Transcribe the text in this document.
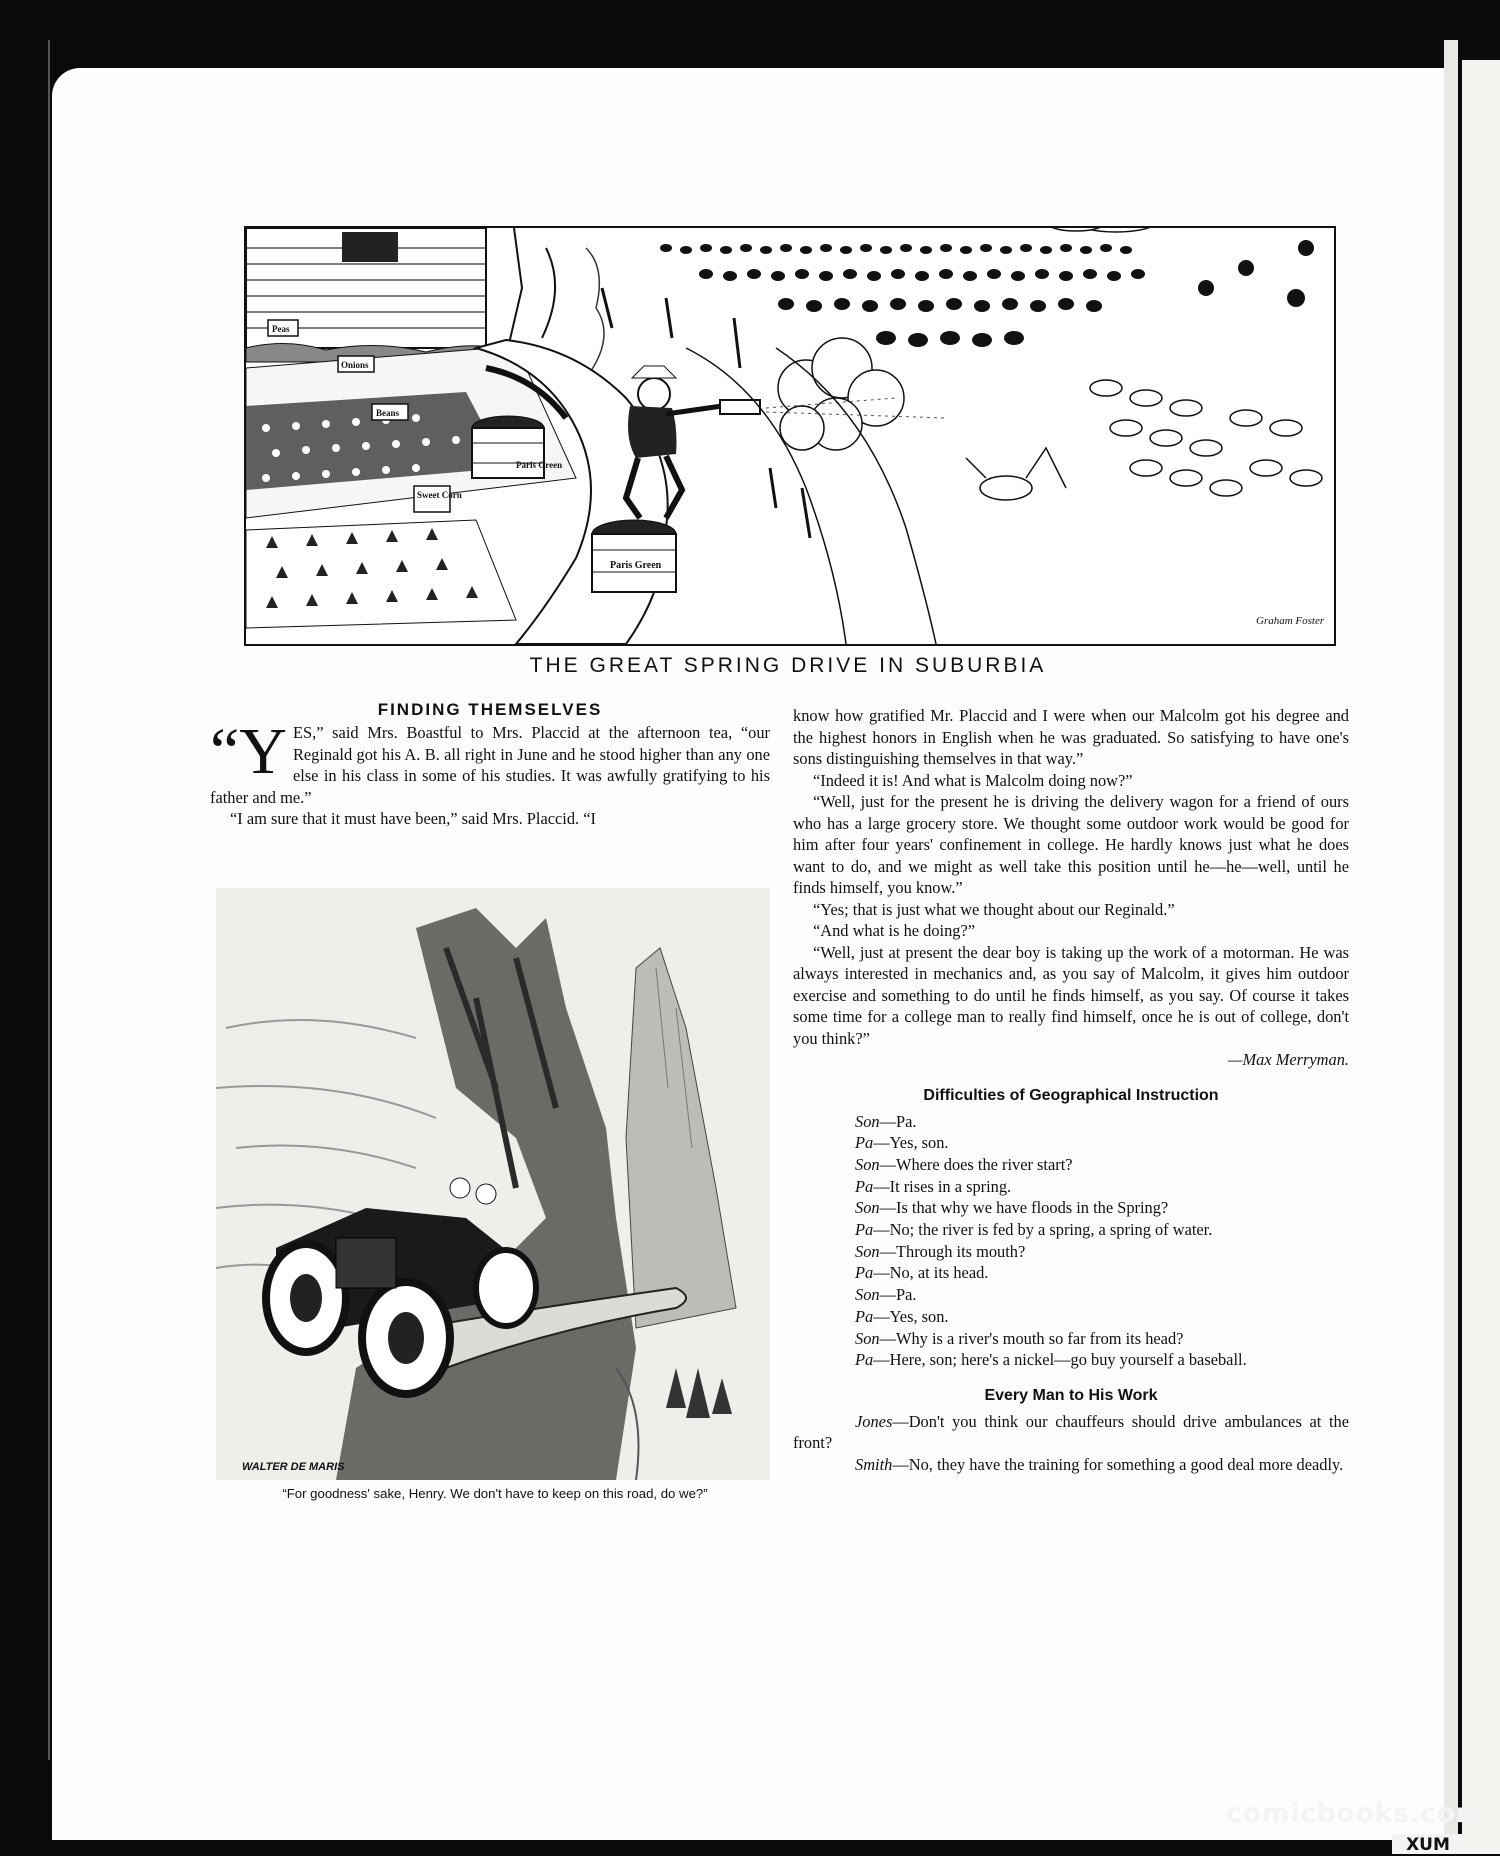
Peas
Onions
Beans
Sweet Corn
Paris Green
Paris Green
Graham Foster
THE GREAT SPRING DRIVE IN SUBURBIA
FINDING THEMSELVES

“YES,” said Mrs. Boastful to Mrs. Placcid at the afternoon tea, “our Reginald got his A. B. all right in June and he stood higher than any one else in his class in some of his studies. It was awfully gratifying to his father and me.”

“I am sure that it must have been,” said Mrs. Placcid. “I

WALTER DE MARIS
“For goodness' sake, Henry. We don't have to keep on this road, do we?”

know how gratified Mr. Placcid and I were when our Malcolm got his degree and the highest honors in English when he was graduated. So satisfying to have one's sons distinguishing themselves in that way.”

“Indeed it is! And what is Malcolm doing now?”

“Well, just for the present he is driving the delivery wagon for a friend of ours who has a large grocery store. We thought some outdoor work would be good for him after four years' confinement in college. He hardly knows just what he does want to do, and we might as well take this position until he—he—well, until he finds himself, you know.”

“Yes; that is just what we thought about our Reginald.”

“And what is he doing?”

“Well, just at present the dear boy is taking up the work of a motorman. He was always interested in mechanics and, as you say of Malcolm, it gives him outdoor exercise and something to do until he finds himself, as you say. Of course it takes some time for a college man to really find himself, once he is out of college, don't you think?”

—Max Merryman.

Difficulties of Geographical Instruction

Son—Pa.

Pa—Yes, son.

Son—Where does the river start?

Pa—It rises in a spring.

Son—Is that why we have floods in the Spring?

Pa—No; the river is fed by a spring, a spring of water.

Son—Through its mouth?

Pa—No, at its head.

Son—Pa.

Pa—Yes, son.

Son—Why is a river's mouth so far from its head?

Pa—Here, son; here's a nickel—go buy yourself a baseball.

Every Man to His Work

Jones—Don't you think our chauffeurs should drive ambulances at the front?

Smith—No, they have the training for something a good deal more deadly.

comicbooks.com
XUM
